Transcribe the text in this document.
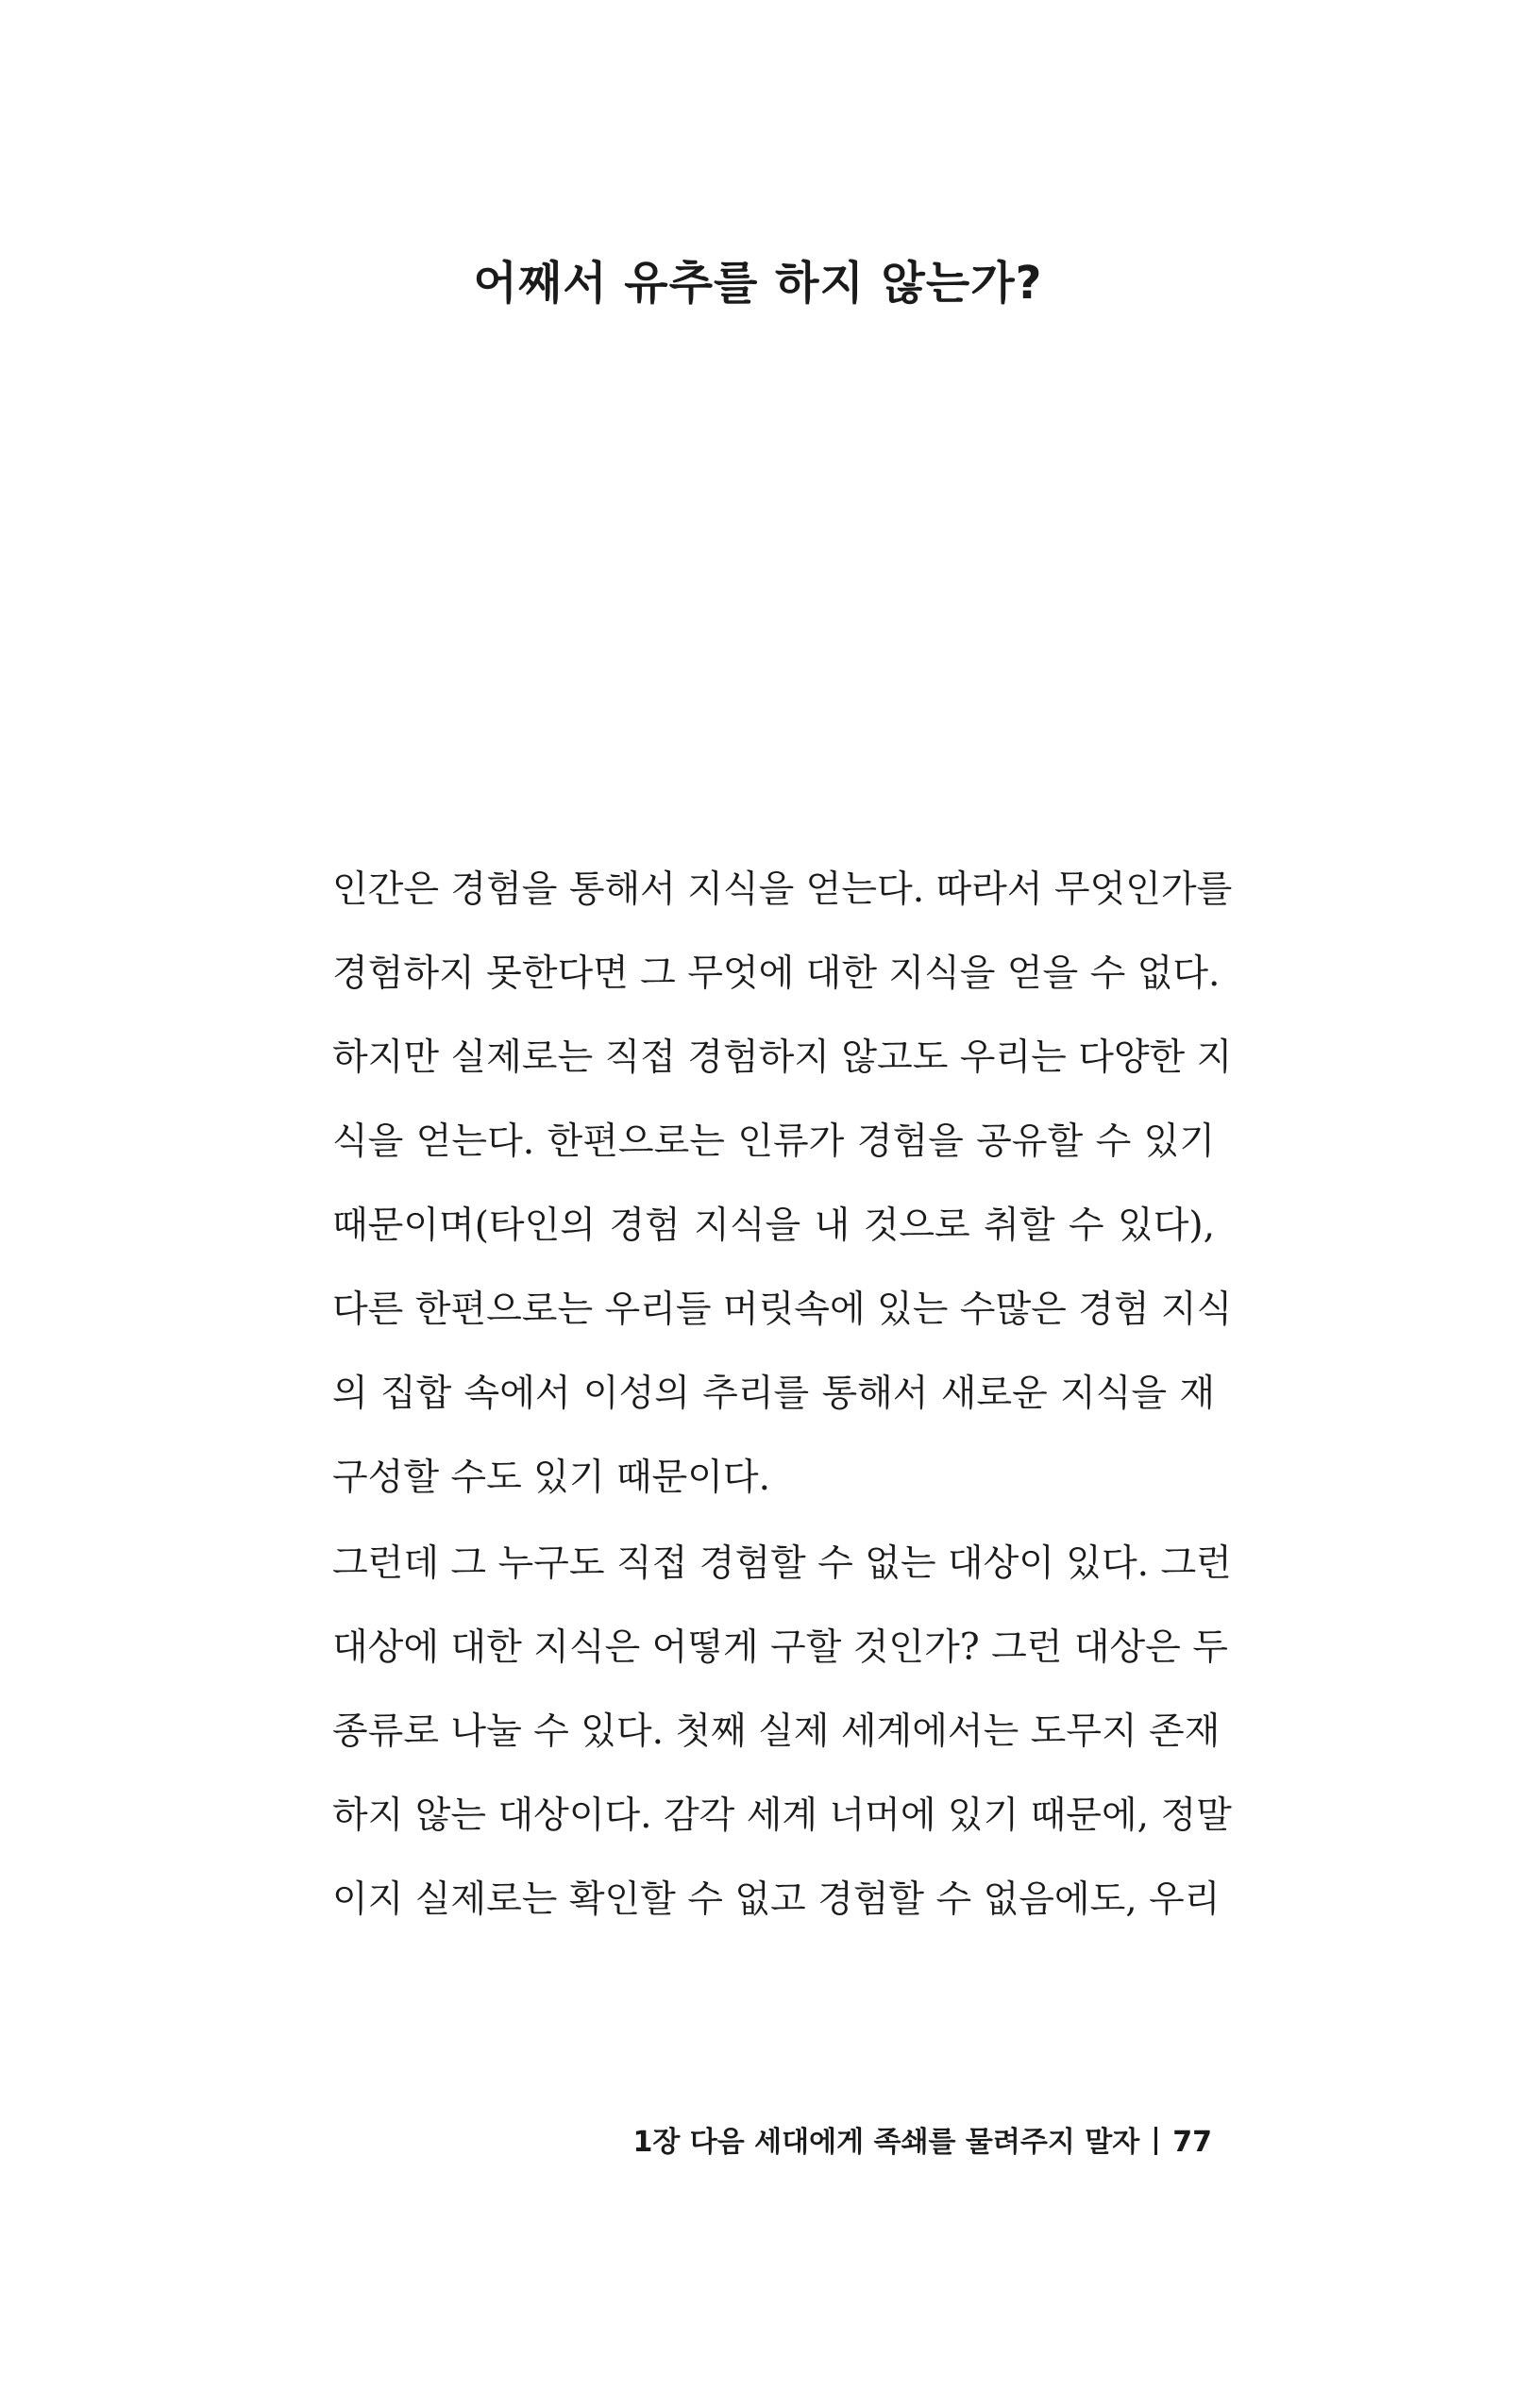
어째서 유추를 하지 않는가?
인간은 경험을 통해서 지식을 얻는다. 따라서 무엇인가를
경험하지 못한다면 그 무엇에 대한 지식을 얻을 수 없다.
하지만 실제로는 직접 경험하지 않고도 우리는 다양한 지
식을 얻는다. 한편으로는 인류가 경험을 공유할 수 있기
때문이며(타인의 경험 지식을 내 것으로 취할 수 있다),
다른 한편으로는 우리들 머릿속에 있는 수많은 경험 지식
의 집합 속에서 이성의 추리를 통해서 새로운 지식을 재
구성할 수도 있기 때문이다.
그런데 그 누구도 직접 경험할 수 없는 대상이 있다. 그런
대상에 대한 지식은 어떻게 구할 것인가? 그런 대상은 두
종류로 나눌 수 있다. 첫째 실제 세계에서는 도무지 존재
하지 않는 대상이다. 감각 세계 너머에 있기 때문에, 정말
이지 실제로는 확인할 수 없고 경험할 수 없음에도, 우리
1장 다음 세대에게 족쇄를 물려주지 말자 77
